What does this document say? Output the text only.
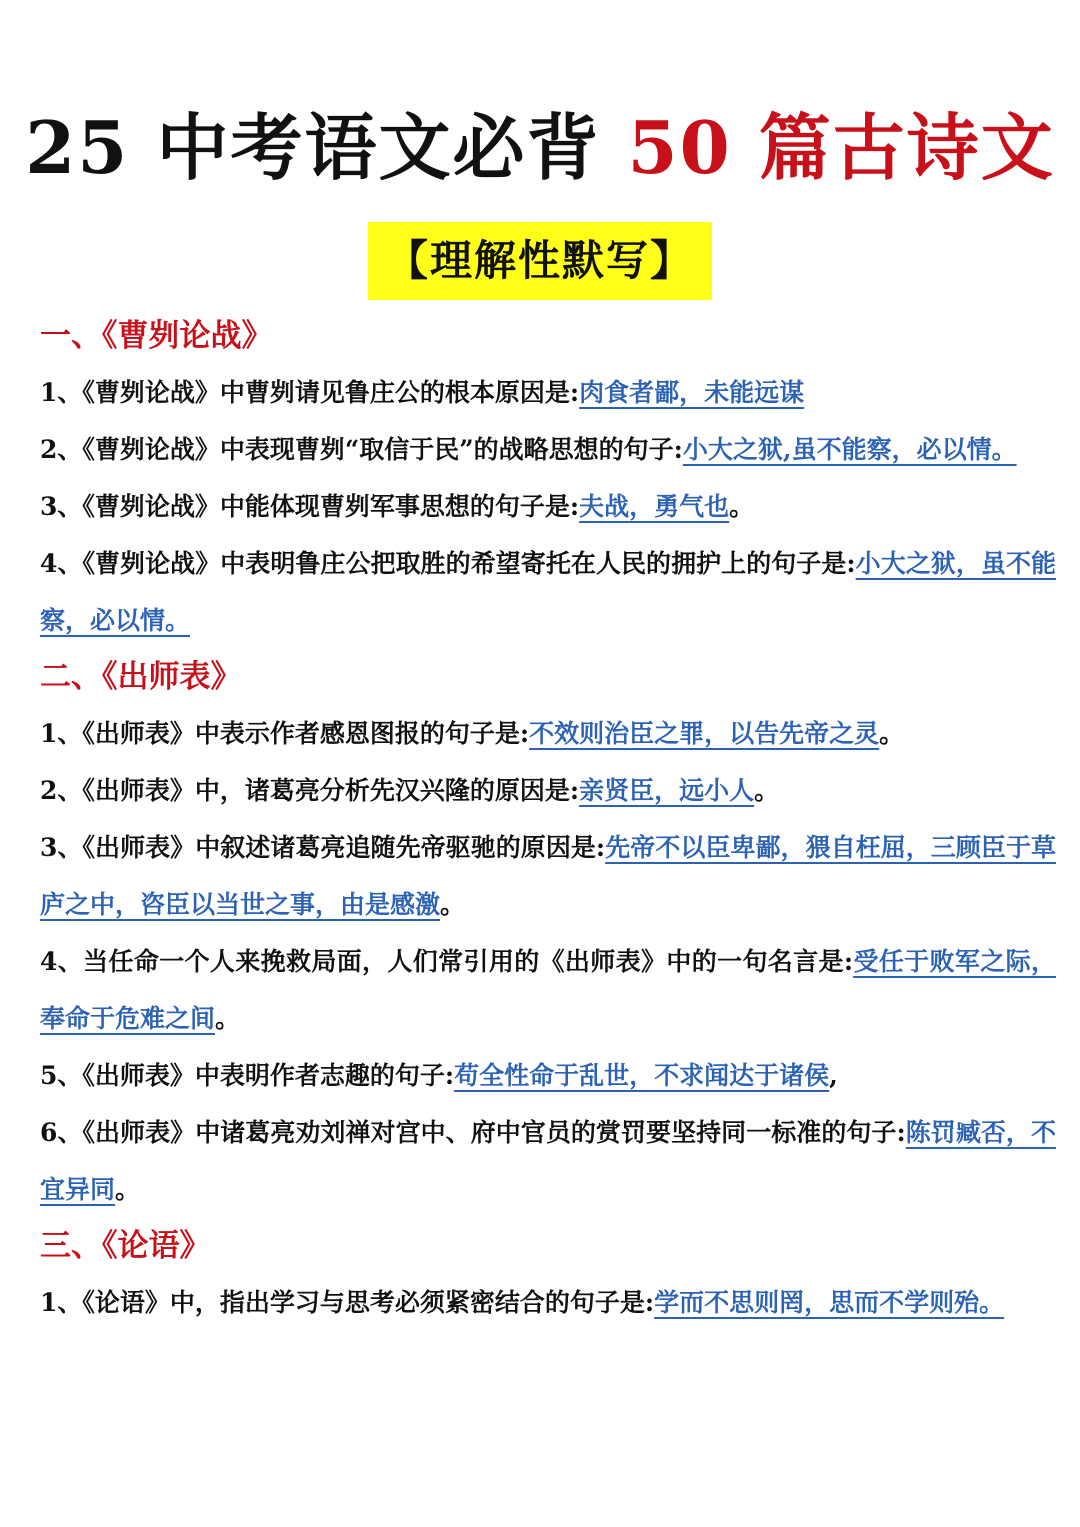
25 中考语文必背 50 篇古诗文
【理解性默写】

一、《曹刿论战》

1、《曹刿论战》中曹刿请见鲁庄公的根本原因是:肉食者鄙，未能远谋

2、《曹刿论战》中表现曹刿“取信于民”的战略思想的句子:小大之狱,虽不能察，必以情。

3、《曹刿论战》中能体现曹刿军事思想的句子是:夫战，勇气也。

4、《曹刿论战》中表明鲁庄公把取胜的希望寄托在人民的拥护上的句子是:小大之狱，虽不能察，必以情。

二、《出师表》

1、《出师表》中表示作者感恩图报的句子是:不效则治臣之罪，以告先帝之灵。

2、《出师表》中，诸葛亮分析先汉兴隆的原因是:亲贤臣，远小人。

3、《出师表》中叙述诸葛亮追随先帝驱驰的原因是:先帝不以臣卑鄙，猥自枉屈，三顾臣于草庐之中，咨臣以当世之事，由是感激。

4、当任命一个人来挽救局面，人们常引用的《出师表》中的一句名言是:受任于败军之际，奉命于危难之间。

5、《出师表》中表明作者志趣的句子:苟全性命于乱世，不求闻达于诸侯,

6、《出师表》中诸葛亮劝刘禅对宫中、府中官员的赏罚要坚持同一标准的句子:陈罚臧否，不宜异同。

三、《论语》

1、《论语》中，指出学习与思考必须紧密结合的句子是:学而不思则罔，思而不学则殆。
